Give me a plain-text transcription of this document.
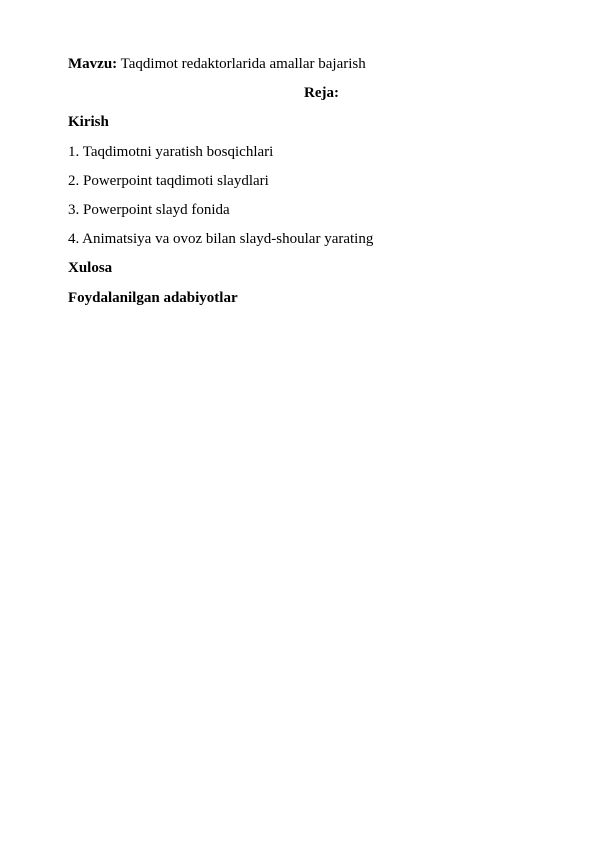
Mavzu: Taqdimot redaktorlarida amallar bajarish
Reja:
Kirish
1. Taqdimotni yaratish bosqichlari
2. Powerpoint taqdimoti slaydlari
3. Powerpoint slayd fonida
4. Animatsiya va ovoz bilan slayd-shoular yarating
Xulosa
Foydalanilgan adabiyotlar
